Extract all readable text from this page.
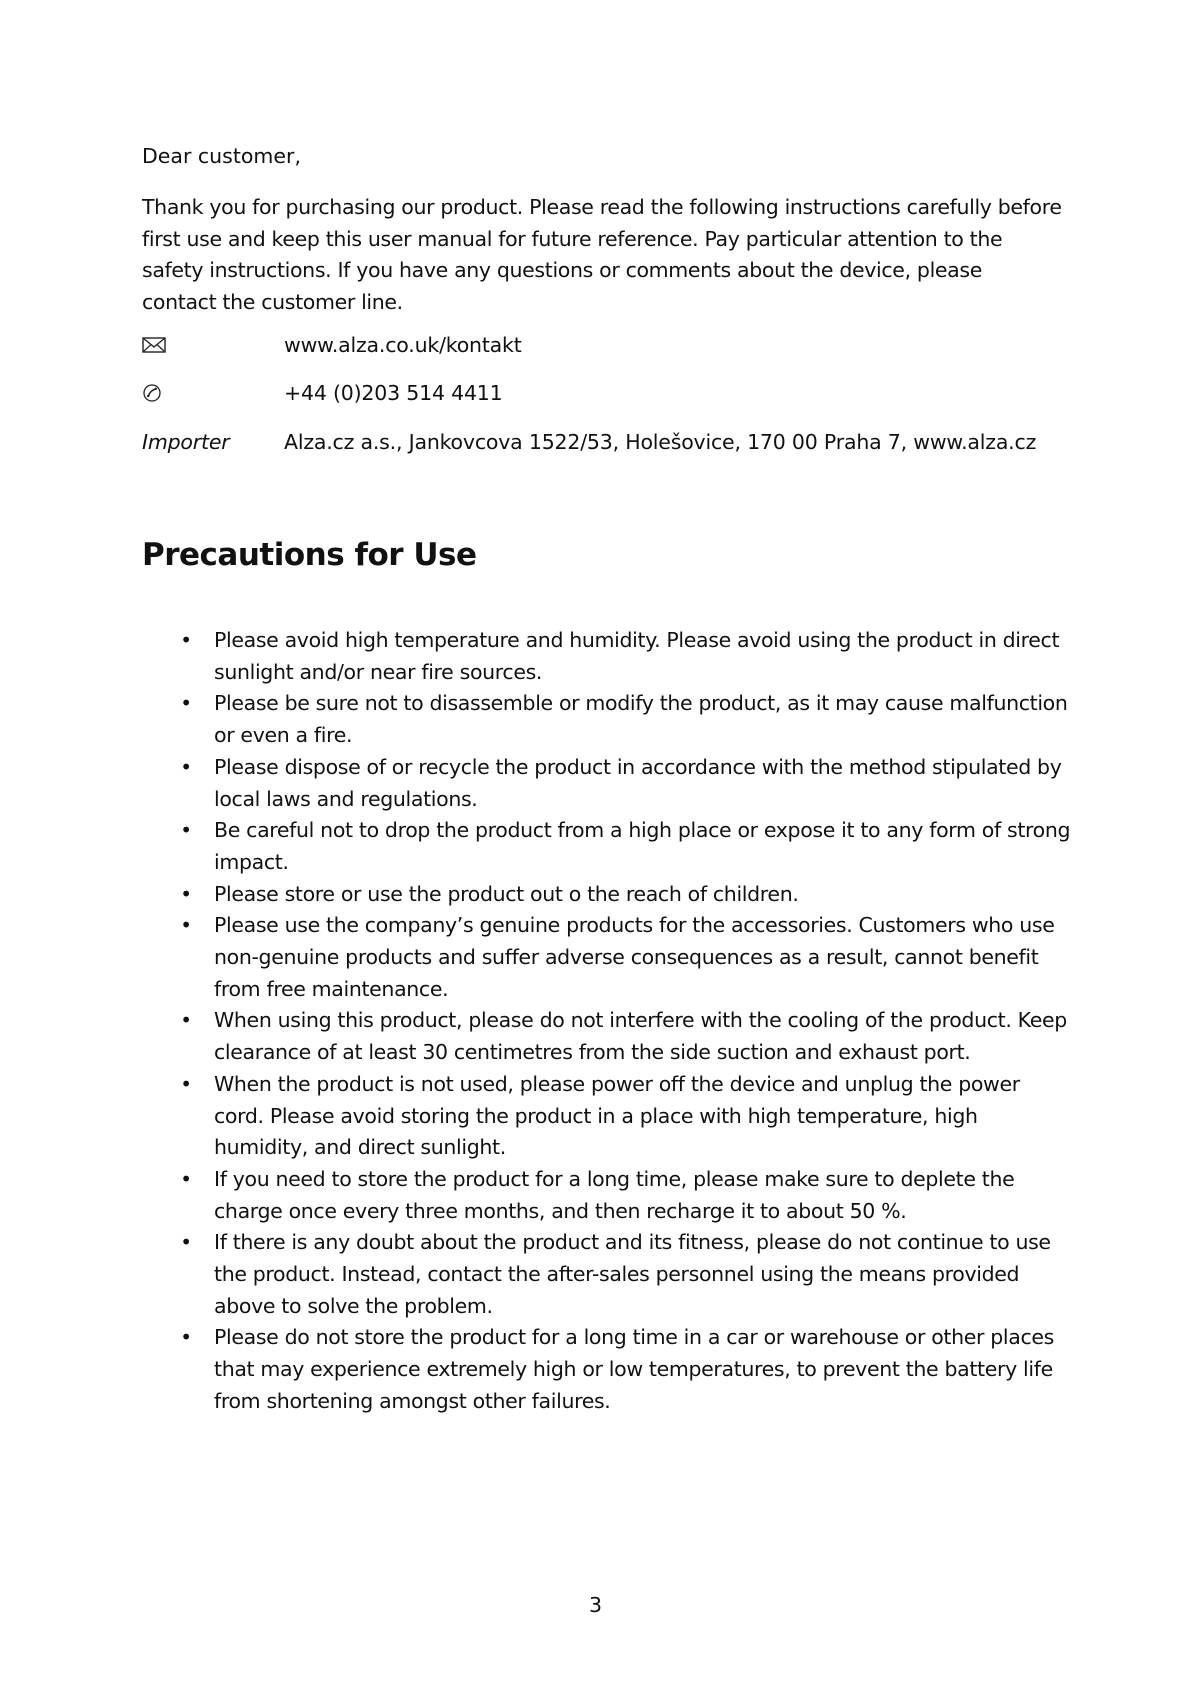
Dear customer,

Thank you for purchasing our product. Please read the following instructions carefully before first use and keep this user manual for future reference. Pay particular attention to the safety instructions. If you have any questions or comments about the device, please contact the customer line.

www.alza.co.uk/kontakt
+44 (0)203 514 4411
Importer	Alza.cz a.s., Jankovcova 1522/53, Holešovice, 170 00 Praha 7, www.alza.cz
Precautions for Use
• Please avoid high temperature and humidity. Please avoid using the product in direct sunlight and/or near fire sources.
• Please be sure not to disassemble or modify the product, as it may cause malfunction or even a fire.
• Please dispose of or recycle the product in accordance with the method stipulated by local laws and regulations.
• Be careful not to drop the product from a high place or expose it to any form of strong impact.
• Please store or use the product out o the reach of children.
• Please use the company’s genuine products for the accessories. Customers who use non-genuine products and suffer adverse consequences as a result, cannot benefit from free maintenance.
• When using this product, please do not interfere with the cooling of the product. Keep clearance of at least 30 centimetres from the side suction and exhaust port.
• When the product is not used, please power off the device and unplug the power cord. Please avoid storing the product in a place with high temperature, high humidity, and direct sunlight.
• If you need to store the product for a long time, please make sure to deplete the charge once every three months, and then recharge it to about 50 %.
• If there is any doubt about the product and its fitness, please do not continue to use the product. Instead, contact the after-sales personnel using the means provided above to solve the problem.
• Please do not store the product for a long time in a car or warehouse or other places that may experience extremely high or low temperatures, to prevent the battery life from shortening amongst other failures.

3
